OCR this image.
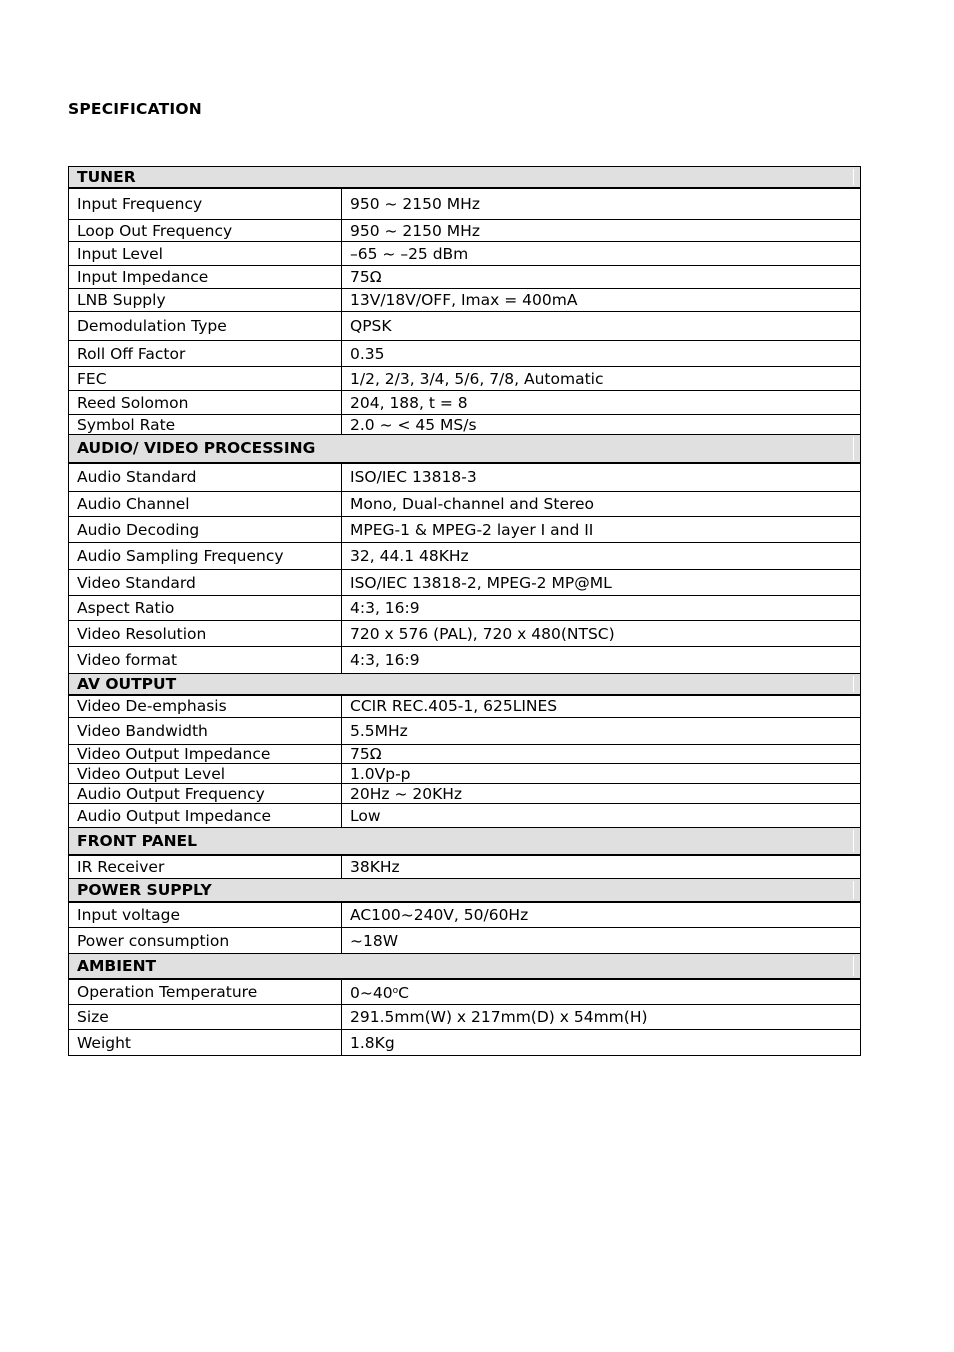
SPECIFICATION
TUNER	
Input Frequency	950 ~ 2150 MHz
Loop Out Frequency	950 ~ 2150 MHz
Input Level	–65 ~ –25 dBm
Input Impedance	75Ω
LNB Supply	13V/18V/OFF, Imax = 400mA
Demodulation Type	QPSK
Roll Off Factor	0.35
FEC	1/2, 2/3, 3/4, 5/6, 7/8, Automatic
Reed Solomon	204, 188, t = 8
Symbol Rate	2.0 ~ < 45 MS/s
AUDIO/ VIDEO PROCESSING	
Audio Standard	ISO/IEC 13818-3
Audio Channel	Mono, Dual-channel and Stereo
Audio Decoding	MPEG-1 & MPEG-2 layer I and II
Audio Sampling Frequency	32, 44.1 48KHz
Video Standard	ISO/IEC 13818-2, MPEG-2 MP@ML
Aspect Ratio	4:3, 16:9
Video Resolution	720 x 576 (PAL), 720 x 480(NTSC)
Video format	4:3, 16:9
AV OUTPUT	
Video De-emphasis	CCIR REC.405-1, 625LINES
Video Bandwidth	5.5MHz
Video Output Impedance	75Ω
Video Output Level	1.0Vp-p
Audio Output Frequency	20Hz ~ 20KHz
Audio Output Impedance	Low
FRONT PANEL	
IR Receiver	38KHz
POWER SUPPLY	
Input voltage	AC100~240V, 50/60Hz
Power consumption	~18W
AMBIENT	
Operation Temperature	0~40$^o$C
Size	291.5mm(W) x 217mm(D) x 54mm(H)
Weight	1.8Kg
